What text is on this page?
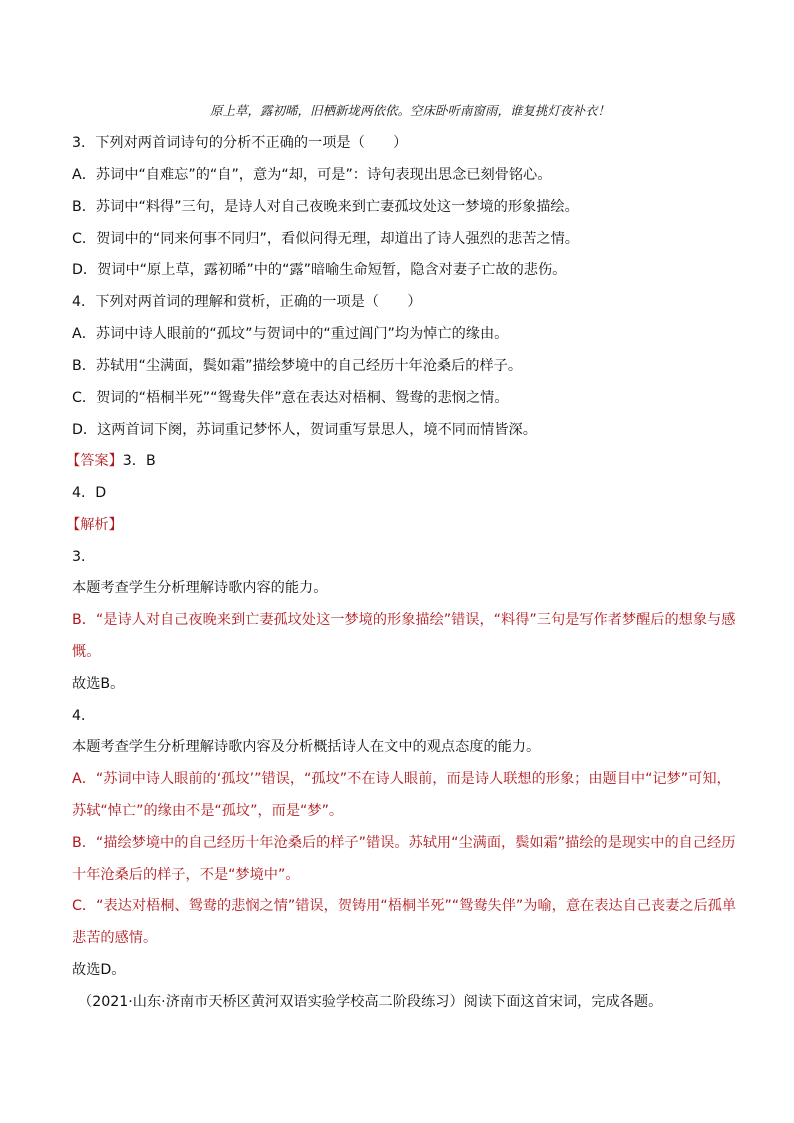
原上草，露初晞，旧栖新垅两依依。空床卧听南窗雨，谁复挑灯夜补衣！
3．下列对两首词诗句的分析不正确的一项是（　　）
A．苏词中“自难忘”的“自”，意为“却，可是”：诗句表现出思念已刻骨铭心。
B．苏词中“料得”三句，是诗人对自己夜晚来到亡妻孤坟处这一梦境的形象描绘。
C．贺词中的“同来何事不同归”，看似问得无理，却道出了诗人强烈的悲苦之情。
D．贺词中“原上草，露初晞”中的“露”暗喻生命短暂，隐含对妻子亡故的悲伤。
4．下列对两首词的理解和赏析，正确的一项是（　　）
A．苏词中诗人眼前的“孤坟”与贺词中的“重过阊门”均为悼亡的缘由。
B．苏轼用“尘满面，鬓如霜”描绘梦境中的自己经历十年沧桑后的样子。
C．贺词的“梧桐半死”“鸳鸯失伴”意在表达对梧桐、鸳鸯的悲悯之情。
D．这两首词下阕，苏词重记梦怀人，贺词重写景思人，境不同而情皆深。
【答案】3．B
4．D
【解析】
3．
本题考查学生分析理解诗歌内容的能力。
B．“是诗人对自己夜晚来到亡妻孤坟处这一梦境的形象描绘”错误，“料得”三句是写作者梦醒后的想象与感
慨。
故选B。
4．
本题考查学生分析理解诗歌内容及分析概括诗人在文中的观点态度的能力。
A．“苏词中诗人眼前的‘孤坟’”错误，“孤坟”不在诗人眼前，而是诗人联想的形象；由题目中“记梦”可知，
苏轼“悼亡”的缘由不是“孤坟”，而是“梦”。
B．“描绘梦境中的自己经历十年沧桑后的样子”错误。苏轼用“尘满面，鬓如霜”描绘的是现实中的自己经历
十年沧桑后的样子，不是“梦境中”。
C．“表达对梧桐、鸳鸯的悲悯之情”错误，贺铸用“梧桐半死”“鸳鸯失伴”为喻，意在表达自己丧妻之后孤单
悲苦的感情。
故选D。
（2021·山东·济南市天桥区黄河双语实验学校高二阶段练习）阅读下面这首宋词，完成各题。
